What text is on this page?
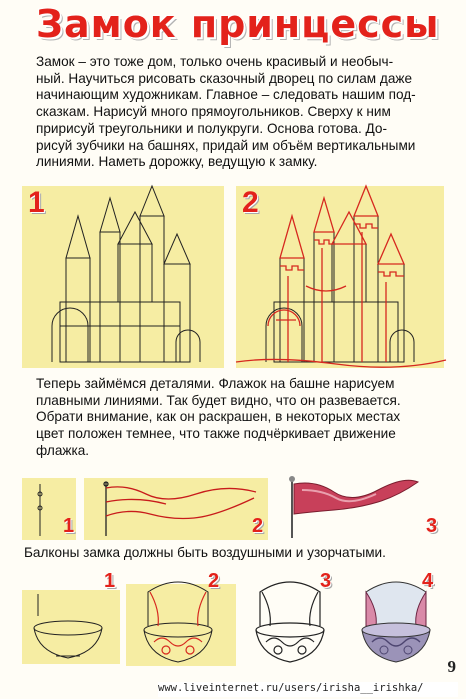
Замок принцессы
Замок – это тоже дом, только очень красивый и необыч-
ный. Научиться рисовать сказочный дворец по силам даже
начинающим художникам. Главное – следовать нашим под-
сказкам. Нарисуй много прямоугольников. Сверху к ним
пририсуй треугольники и полукруги. Основа готова. До-
рисуй зубчики на башнях, придай им объём вертикальными
линиями. Наметь дорожку, ведущую к замку.
1	2
Теперь займёмся деталями. Флажок на башне нарисуем
плавными линиями. Так будет видно, что он развевается.
Обрати внимание, как он раскрашен, в некоторых местах
цвет положен темнее, что также подчёркивает движение
флажка.
1	2	3
Балконы замка должны быть воздушными и узорчатыми.
1	2	3	4
9
www.liveinternet.ru/users/irisha__irishka/
